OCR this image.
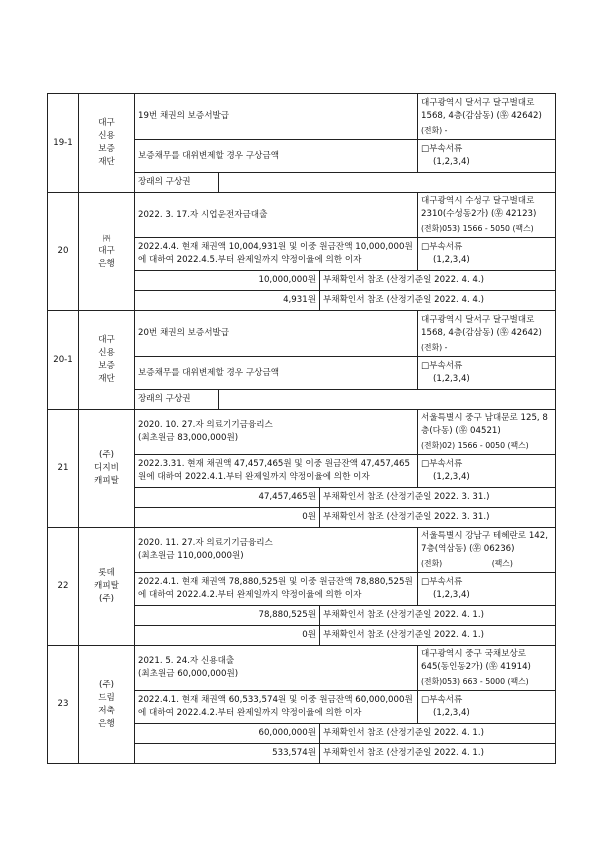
19-1	대구
신용
보증
재단	19번 채권의 보증서발급			대구광역시 달서구 달구벌대로 1568, 4층(감삼동) (㉾ 42642)
(전화) -

		보증채무를 대위변제할 경우 구상금액			□부속서류
(1,2,3,4)

		장래의 구상권			
20	㈜
대구
은행	2022. 3. 17.자 시업운전자금대출			대구광역시 수성구 달구벌대로 2310(수성동2가) (㉾ 42123)
(전화)053) 1566 - 5050 (팩스)

		2022.4.4. 현재 채권액 10,004,931원 및 이중 원금잔액 10,000,000원에 대하여 2022.4.5.부터 완제일까지 약정이율에 의한 이자			□부속서류
(1,2,3,4)

		10,000,000원		부채확인서 참조 (산정기준일 2022. 4. 4.)	
		4,931원		부채확인서 참조 (산정기준일 2022. 4. 4.)	
20-1	대구
신용
보증
재단	20번 채권의 보증서발급			대구광역시 달서구 달구벌대로 1568, 4층(감삼동) (㉾ 42642)
(전화) -

		보증채무를 대위변제할 경우 구상금액			□부속서류
(1,2,3,4)

		장래의 구상권			
21	(주)
디지비
캐피탈	2020. 10. 27.자 의료기기금융리스
(최초원금 83,000,000원)			서울특별시 중구 남대문로 125, 8층(다동) (㉾ 04521)
(전화)02) 1566 - 0050 (팩스)

		2022.3.31. 현재 채권액 47,457,465원 및 이중 원금잔액 47,457,465원에 대하여 2022.4.1.부터 완제일까지 약정이율에 의한 이자			□부속서류
(1,2,3,4)

		47,457,465원		부채확인서 참조 (산정기준일 2022. 3. 31.)	
		0원		부채확인서 참조 (산정기준일 2022. 3. 31.)	
22	롯데
캐피탈
(주)	2020. 11. 27.자 의료기기금융리스
(최초원금 110,000,000원)			서울특별시 강남구 테헤란로 142, 7층(역삼동) (㉾ 06236)
(전화)                    (팩스)

		2022.4.1. 현재 채권액 78,880,525원 및 이중 원금잔액 78,880,525원에 대하여 2022.4.2.부터 완제일까지 약정이율에 의한 이자			□부속서류
(1,2,3,4)

		78,880,525원		부채확인서 참조 (산정기준일 2022. 4. 1.)	
		0원		부채확인서 참조 (산정기준일 2022. 4. 1.)	
23	(주)
드림
저축
은행	2021. 5. 24.자 신용대출
(최초원금 60,000,000원)			대구광역시 중구 국채보상로 645(동인동2가) (㉾ 41914)
(전화)053) 663 - 5000 (팩스)

		2022.4.1. 현재 채권액 60,533,574원 및 이중 원금잔액 60,000,000원에 대하여 2022.4.2.부터 완제일까지 약정이율에 의한 이자			□부속서류
(1,2,3,4)

		60,000,000원		부채확인서 참조 (산정기준일 2022. 4. 1.)	
		533,574원		부채확인서 참조 (산정기준일 2022. 4. 1.)	
